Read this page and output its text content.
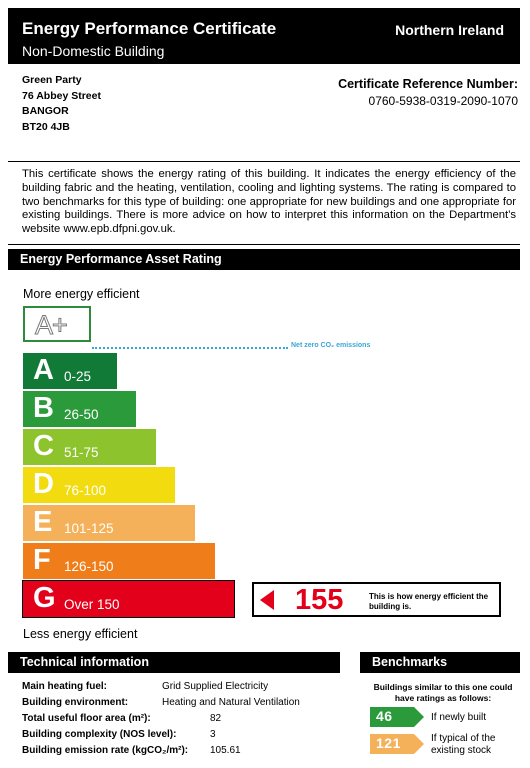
Energy Performance Certificate
Non-Domestic Building
Northern Ireland
Green Party
76 Abbey Street
BANGOR
BT20 4JB
Certificate Reference Number:
0760-5938-0319-2090-1070
This certificate shows the energy rating of this building. It indicates the energy efficiency of the building fabric and the heating, ventilation, cooling and lighting systems. The rating is compared to two benchmarks for this type of building: one appropriate for new buildings and one appropriate for existing buildings. There is more advice on how to interpret this information on the Department's website www.epb.dfpni.gov.uk.
Energy Performance Asset Rating
More energy efficient
A+
Net zero CO₂ emissions
A 0-25
B 26-50
C 51-75
D 76-100
E 101-125
F 126-150
G Over 150	155	This is how energy efficient the building is.
Less energy efficient
Technical information
Main heating fuel:	Grid Supplied Electricity
Building environment:	Heating and Natural Ventilation
Total useful floor area (m²):	82
Building complexity (NOS level):	3
Building emission rate (kgCO₂/m²): 105.61
Benchmarks
Buildings similar to this one could have ratings as follows:
46	If newly built
121	If typical of the existing stock
